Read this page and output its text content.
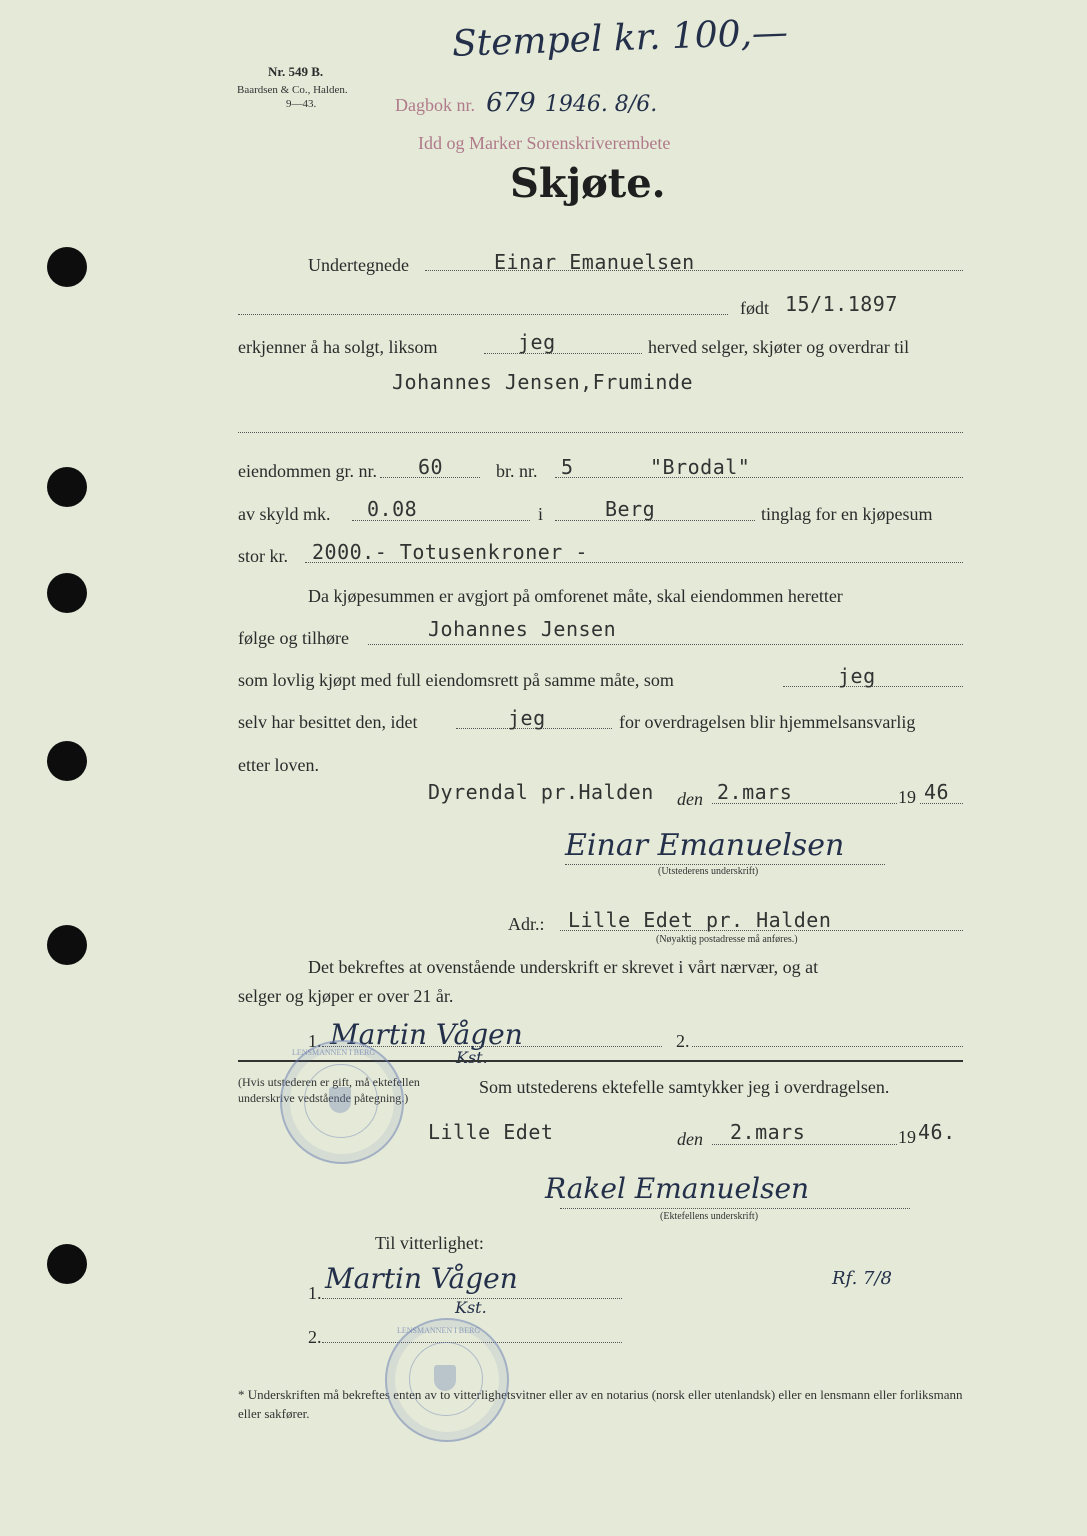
Nr. 549 B.
Baardsen & Co., Halden.
9—43.
Stempel kr. 100,—
Dagbok nr. 679 1946. 8/6.
Idd og Marker Sorenskriverembete
Skjøte.
Undertegnede	Einar Emanuelsen
født 15/1.1897
erkjenner å ha solgt, liksom	jeg	herved selger, skjøter og overdrar til
Johannes Jensen,Fruminde
eiendommen gr. nr. 60	br. nr. 5	"Brodal"
av skyld mk. 0.08	i	Berg	tinglag for en kjøpesum
stor kr. 2000.- Totusenkroner -
Da kjøpesummen er avgjort på omforenet måte, skal eiendommen heretter
følge og tilhøre	Johannes Jensen
som lovlig kjøpt med full eiendomsrett på samme måte, som	jeg
selv har besittet den, idet	jeg	for overdragelsen blir hjemmelsansvarlig
etter loven.
Dyrendal pr.Halden den 2.mars	19 46
Einar Emanuelsen
(Utstederens underskrift)
Adr.: Lille Edet pr. Halden
(Nøyaktig postadresse må anføres.)
Det bekreftes at ovenstående underskrift er skrevet i vårt nærvær, og at
selger og kjøper er over 21 år.
1. Martin Vågen
Kst.
2.
(Hvis utstederen er gift, må ektefellen underskrive vedstående påtegning.)
Som utstederens ektefelle samtykker jeg i overdragelsen.
Lille Edet	den 2.mars	19 46.
Rakel Emanuelsen
(Ektefellens underskrift)
Til vitterlighet:
1. Martin Vågen
Kst.
2.
Rf. 7/8
* Underskriften må bekreftes enten av to vitterlighetsvitner eller av en notarius (norsk eller utenlandsk) eller en lensmann eller forliksmann eller sakfører.
LENSMANNEN I BERG
LENSMANNEN I BERG
